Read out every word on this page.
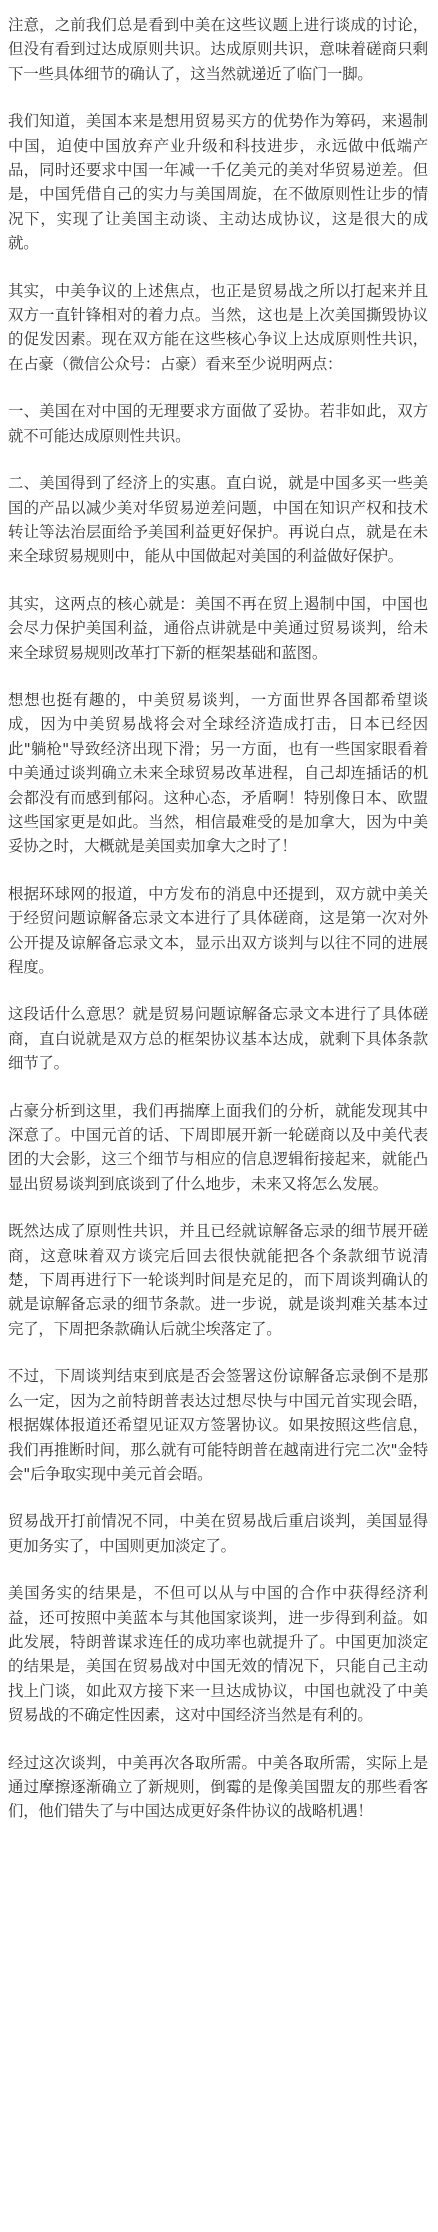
注意，之前我们总是看到中美在这些议题上进行谈成的讨论，但没有看到过达成原则共识。达成原则共识，意味着磋商只剩下一些具体细节的确认了，这当然就递近了临门一脚。

我们知道，美国本来是想用贸易买方的优势作为筹码，来遏制中国，迫使中国放弃产业升级和科技进步，永远做中低端产品，同时还要求中国一年减一千亿美元的美对华贸易逆差。但是，中国凭借自己的实力与美国周旋，在不做原则性让步的情况下，实现了让美国主动谈、主动达成协议，这是很大的成就。

其实，中美争议的上述焦点，也正是贸易战之所以打起来并且双方一直针锋相对的着力点。当然，这也是上次美国撕毁协议的促发因素。现在双方能在这些核心争议上达成原则性共识，在占豪（微信公众号：占豪）看来至少说明两点：

一、美国在对中国的无理要求方面做了妥协。若非如此，双方就不可能达成原则性共识。

二、美国得到了经济上的实惠。直白说，就是中国多买一些美国的产品以减少美对华贸易逆差问题，中国在知识产权和技术转让等法治层面给予美国利益更好保护。再说白点，就是在未来全球贸易规则中，能从中国做起对美国的利益做好保护。

其实，这两点的核心就是：美国不再在贸上遏制中国，中国也会尽力保护美国利益，通俗点讲就是中美通过贸易谈判，给未来全球贸易规则改革打下新的框架基础和蓝图。

想想也挺有趣的，中美贸易谈判，一方面世界各国都希望谈成，因为中美贸易战将会对全球经济造成打击，日本已经因此"躺枪"导致经济出现下滑；另一方面，也有一些国家眼看着中美通过谈判确立未来全球贸易改革进程，自己却连插话的机会都没有而感到郁闷。这种心态，矛盾啊！特别像日本、欧盟这些国家更是如此。当然，相信最难受的是加拿大，因为中美妥协之时，大概就是美国卖加拿大之时了！

根据环球网的报道，中方发布的消息中还提到，双方就中美关于经贸问题谅解备忘录文本进行了具体磋商，这是第一次对外公开提及谅解备忘录文本，显示出双方谈判与以往不同的进展程度。

这段话什么意思？就是贸易问题谅解备忘录文本进行了具体磋商，直白说就是双方总的框架协议基本达成，就剩下具体条款细节了。

占豪分析到这里，我们再揣摩上面我们的分析，就能发现其中深意了。中国元首的话、下周即展开新一轮磋商以及中美代表团的大会影，这三个细节与相应的信息逻辑衔接起来，就能凸显出贸易谈判到底谈到了什么地步，未来又将怎么发展。

既然达成了原则性共识，并且已经就谅解备忘录的细节展开磋商，这意味着双方谈完后回去很快就能把各个条款细节说清楚，下周再进行下一轮谈判时间是充足的，而下周谈判确认的就是谅解备忘录的细节条款。进一步说，就是谈判难关基本过完了，下周把条款确认后就尘埃落定了。

不过，下周谈判结束到底是否会签署这份谅解备忘录倒不是那么一定，因为之前特朗普表达过想尽快与中国元首实现会晤，根据媒体报道还希望见证双方签署协议。如果按照这些信息，我们再推断时间，那么就有可能特朗普在越南进行完二次"金特会"后争取实现中美元首会晤。

贸易战开打前情况不同，中美在贸易战后重启谈判，美国显得更加务实了，中国则更加淡定了。

美国务实的结果是，不但可以从与中国的合作中获得经济利益，还可按照中美蓝本与其他国家谈判，进一步得到利益。如此发展，特朗普谋求连任的成功率也就提升了。中国更加淡定的结果是，美国在贸易战对中国无效的情况下，只能自己主动找上门谈，如此双方接下来一旦达成协议，中国也就没了中美贸易战的不确定性因素，这对中国经济当然是有利的。

经过这次谈判，中美再次各取所需。中美各取所需，实际上是通过摩擦逐渐确立了新规则，倒霉的是像美国盟友的那些看客们，他们错失了与中国达成更好条件协议的战略机遇！
